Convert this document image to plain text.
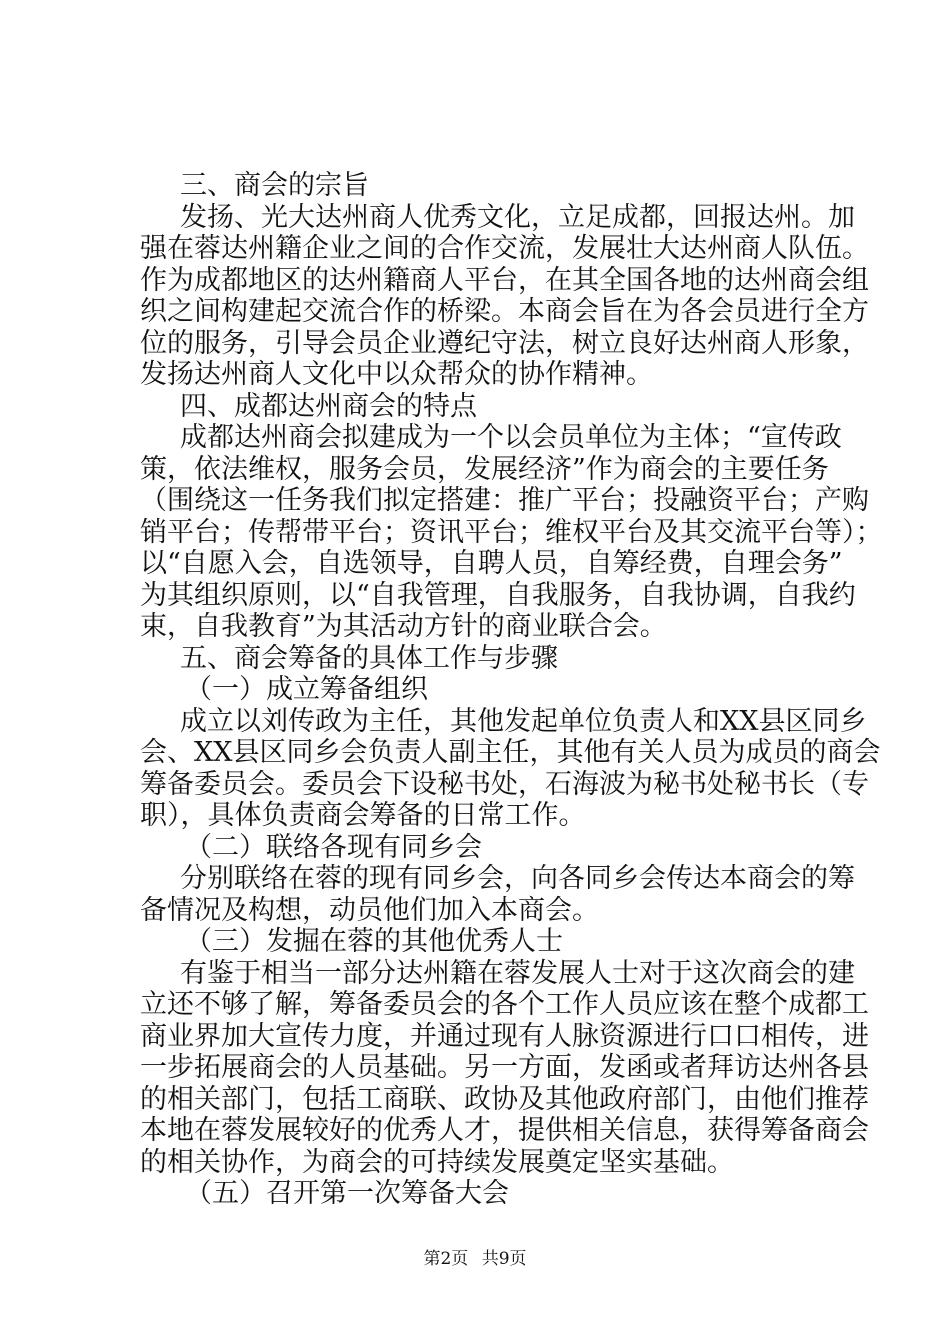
三、商会的宗旨
发扬、光大达州商人优秀文化，立足成都，回报达州。加
强在蓉达州籍企业之间的合作交流，发展壮大达州商人队伍。
作为成都地区的达州籍商人平台，在其全国各地的达州商会组
织之间构建起交流合作的桥梁。本商会旨在为各会员进行全方
位的服务，引导会员企业遵纪守法，树立良好达州商人形象，
发扬达州商人文化中以众帮众的协作精神。
四、成都达州商会的特点
成都达州商会拟建成为一个以会员单位为主体；“宣传政
策，依法维权，服务会员，发展经济”作为商会的主要任务
（围绕这一任务我们拟定搭建：推广平台；投融资平台；产购
销平台；传帮带平台；资讯平台；维权平台及其交流平台等）；
以“自愿入会，自选领导，自聘人员，自筹经费，自理会务”
为其组织原则，以“自我管理，自我服务，自我协调，自我约
束，自我教育”为其活动方针的商业联合会。
五、商会筹备的具体工作与步骤
（一）成立筹备组织
成立以刘传政为主任，其他发起单位负责人和XX县区同乡
会、XX县区同乡会负责人副主任，其他有关人员为成员的商会
筹备委员会。委员会下设秘书处，石海波为秘书处秘书长（专
职），具体负责商会筹备的日常工作。
（二）联络各现有同乡会
分别联络在蓉的现有同乡会，向各同乡会传达本商会的筹
备情况及构想，动员他们加入本商会。
（三）发掘在蓉的其他优秀人士
有鉴于相当一部分达州籍在蓉发展人士对于这次商会的建
立还不够了解，筹备委员会的各个工作人员应该在整个成都工
商业界加大宣传力度，并通过现有人脉资源进行口口相传，进
一步拓展商会的人员基础。另一方面，发函或者拜访达州各县
的相关部门，包括工商联、政协及其他政府部门，由他们推荐
本地在蓉发展较好的优秀人才，提供相关信息，获得筹备商会
的相关协作，为商会的可持续发展奠定坚实基础。
（五）召开第一次筹备大会
第2页 共9页
